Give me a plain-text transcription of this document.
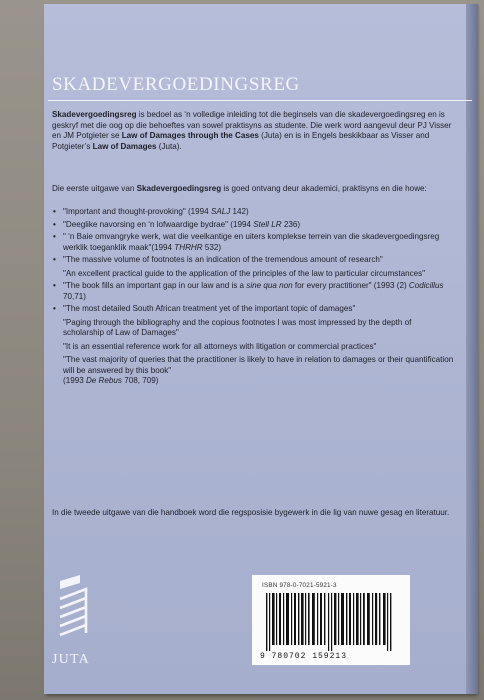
SKADEVERGOEDINGSREG
Skadevergoedingsreg is bedoel as ‘n volledige inleiding tot die beginsels van die skadevergoedingsreg en is geskryf met die oog op die behoeftes van sowel praktisyns as studente. Die werk word aangevul deur PJ Visser en JM Potgieter se Law of Damages through the Cases (Juta) en is in Engels beskikbaar as Visser and Potgieter’s Law of Damages (Juta).
Die eerste uitgawe van Skadevergoedingsreg is goed ontvang deur akademici, praktisyns en die howe:
• "Important and thought-provoking" (1994 SALJ 142)
• "Deeglike navorsing en ‘n lofwaardige bydrae" (1994 Stell LR 236)
• " ‘n Baie omvangryke werk, wat die veelkantige en uiters komplekse terrein van die skadevergoedingsreg werklik toeganklik maak"(1994 THRHR 532)
• "The massive volume of footnotes is an indication of the tremendous amount of research"
"An excellent practical guide to the application of the principles of the law to particular circumstances"
• "The book fills an important gap in our law and is a sine qua non for every practitioner" (1993 (2) Codicillus 70,71)
• "The most detailed South African treatment yet of the important topic of damages"
"Paging through the bibliography and the copious footnotes I was most impressed by the depth of scholarship of Law of Damages"
"It is an essential reference work for all attorneys with litigation or commercial practices"
"The vast majority of queries that the practitioner is likely to have in relation to damages or their quantification will be answered by this book"
(1993 De Rebus 708, 709)
In die tweede uitgawe van die handboek word die regsposisie bygewerk in die lig van nuwe gesag en literatuur.
JUTA
ISBN 978-0-7021-5921-3
9 780702 159213
